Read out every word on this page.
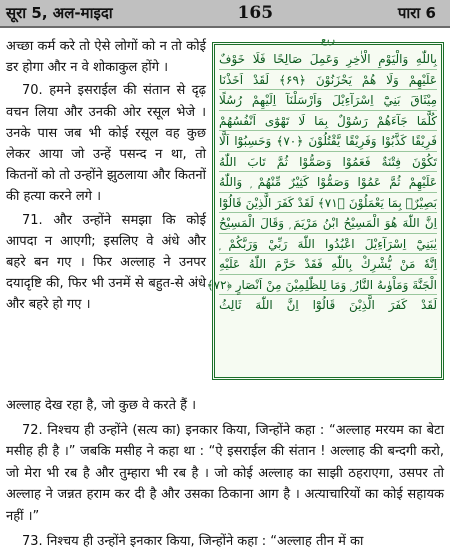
सूरा 5, अल-माइदा	165	पारा 6

अच्छा कर्म करे तो ऐसे लोगों को न तो कोई डर होगा और न वे शोकाकुल होंगे ।

70. हमने इसराईल की संतान से दृढ़ वचन लिया और उनकी ओर रसूल भेजे । उनके पास जब भी कोई रसूल वह कुछ लेकर आया जो उन्हें पसन्द न था, तो कितनों को तो उन्होंने झुठलाया और कितनों की हत्या करने लगे ।

71. और उन्होंने समझा कि कोई आपदा न आएगी; इसलिए वे अंधे और बहरे बन गए । फिर अल्लाह ने उनपर दयादृष्टि की, फिर भी उनमें से बहुत-से अंधे और बहरे हो गए ।

ربع
بِاللّٰهِ وَالْيَوْمِ الْاٰخِرِ وَعَمِلَ صَالِحًا فَلَا خَوْفٌ
عَلَيْهِمْ وَلَا هُمْ يَحْزَنُوْنَ ﴿۶۹﴾ لَقَدْ اَخَذْنَا
مِيْثَاقَ بَنِيْٓ اِسْرَآءِيْلَ وَاَرْسَلْنَآ اِلَيْهِمْ رُسُلًا
كُلَّمَا جَآءَهُمْ رَسُوْلٌ بِمَا لَا تَهْوٰٓى اَنْفُسُهُمْ
فَرِيْقًا كَذَّبُوْا وَفَرِيْقًا يَّقْتُلُوْنَ ﴿۷۰﴾ وَحَسِبُوْٓا اَلَّا
تَكُوْنَ فِتْنَةٌ فَعَمُوْا وَصَمُّوْا ثُمَّ تَابَ اللّٰهُ
عَلَيْهِمْ ثُمَّ عَمُوْا وَصَمُّوْا كَثِيْرٌ مِّنْهُمْ ۭ وَاللّٰهُ
بَصِيْرٌۢ بِمَا يَعْمَلُوْنَ ﴿۷۱﴾ لَقَدْ كَفَرَ الَّذِيْنَ قَالُوْٓا
اِنَّ اللّٰهَ هُوَ الْمَسِيْحُ ابْنُ مَرْيَمَ ۭ وَقَالَ الْمَسِيْحُ
يٰبَنِيْٓ اِسْرَآءِيْلَ اعْبُدُوا اللّٰهَ رَبِّيْ وَرَبَّكُمْ ۭ
اِنَّهٗ مَنْ يُّشْرِكْ بِاللّٰهِ فَقَدْ حَرَّمَ اللّٰهُ عَلَيْهِ
الْجَنَّةَ وَمَاْوٰىهُ النَّارُ ۭ وَمَا لِلظّٰلِمِيْنَ مِنْ اَنْصَارٍ ﴿۷۲﴾
لَقَدْ كَفَرَ الَّذِيْنَ قَالُوْٓا اِنَّ اللّٰهَ ثَالِثُ

अल्लाह देख रहा है, जो कुछ वे करते हैं ।

72. निश्चय ही उन्होंने (सत्य का) इनकार किया, जिन्होंने कहा : “अल्लाह मरयम का बेटा मसीह ही है ।” जबकि मसीह ने कहा था : “ऐ इसराईल की संतान ! अल्लाह की बन्दगी करो, जो मेरा भी रब है और तुम्हारा भी रब है । जो कोई अल्लाह का साझी ठहराएगा, उसपर तो अल्लाह ने जन्नत हराम कर दी है और उसका ठिकाना आग है । अत्याचारियों का कोई सहायक नहीं ।”

73. निश्चय ही उन्होंने इनकार किया, जिन्होंने कहा : “अल्लाह तीन में का
